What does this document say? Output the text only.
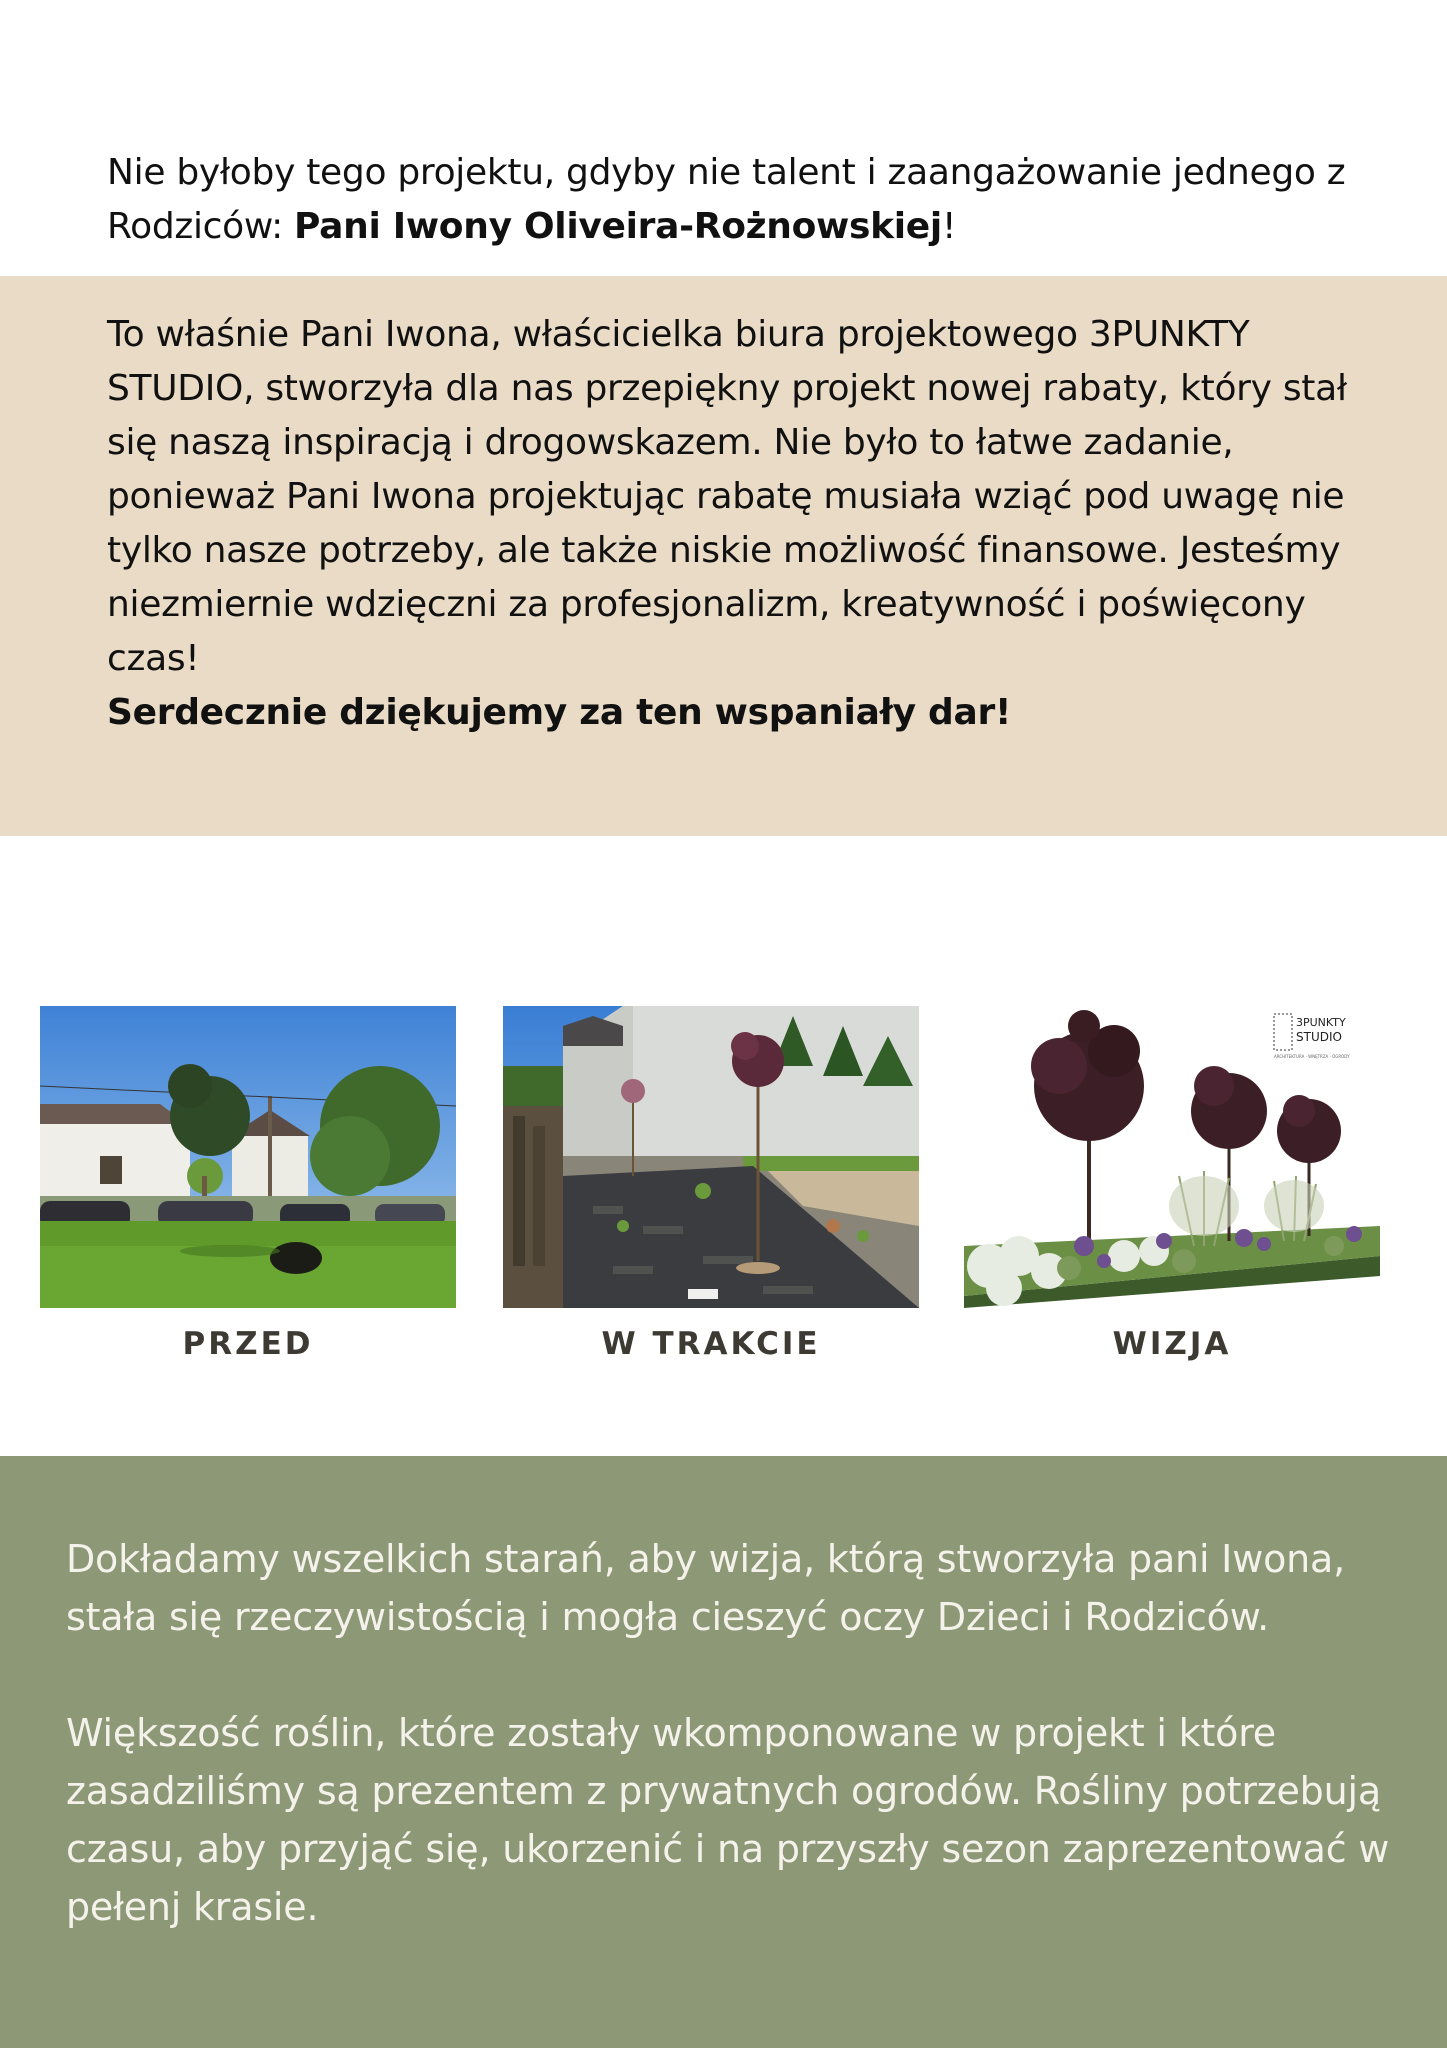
Nie byłoby tego projektu, gdyby nie talent i zaangażowanie jednego z Rodziców: Pani Iwony Oliveira-Rożnowskiej!

To właśnie Pani Iwona, właścicielka biura projektowego 3PUNKTY STUDIO, stworzyła dla nas przepiękny projekt nowej rabaty, który stał się naszą inspiracją i drogowskazem. Nie było to łatwe zadanie, ponieważ Pani Iwona projektując rabatę musiała wziąć pod uwagę nie tylko nasze potrzeby, ale także niskie możliwość finansowe. Jesteśmy niezmiernie wdzięczni za profesjonalizm, kreatywność i poświęcony czas!

Serdecznie dziękujemy za ten wspaniały dar!

PRZED	W TRAKCIE
3PUNKTY
STUDIO
ARCHITEKTURA · WNĘTRZA · OGRODY
WIZJA

Dokładamy wszelkich starań, aby wizja, którą stworzyła pani Iwona, stała się rzeczywistością i mogła cieszyć oczy Dzieci i Rodziców.

Większość roślin, które zostały wkomponowane w projekt i które zasadziliśmy są prezentem z prywatnych ogrodów. Rośliny potrzebują czasu, aby przyjąć się, ukorzenić i na przyszły sezon zaprezentować w pełenj krasie.
